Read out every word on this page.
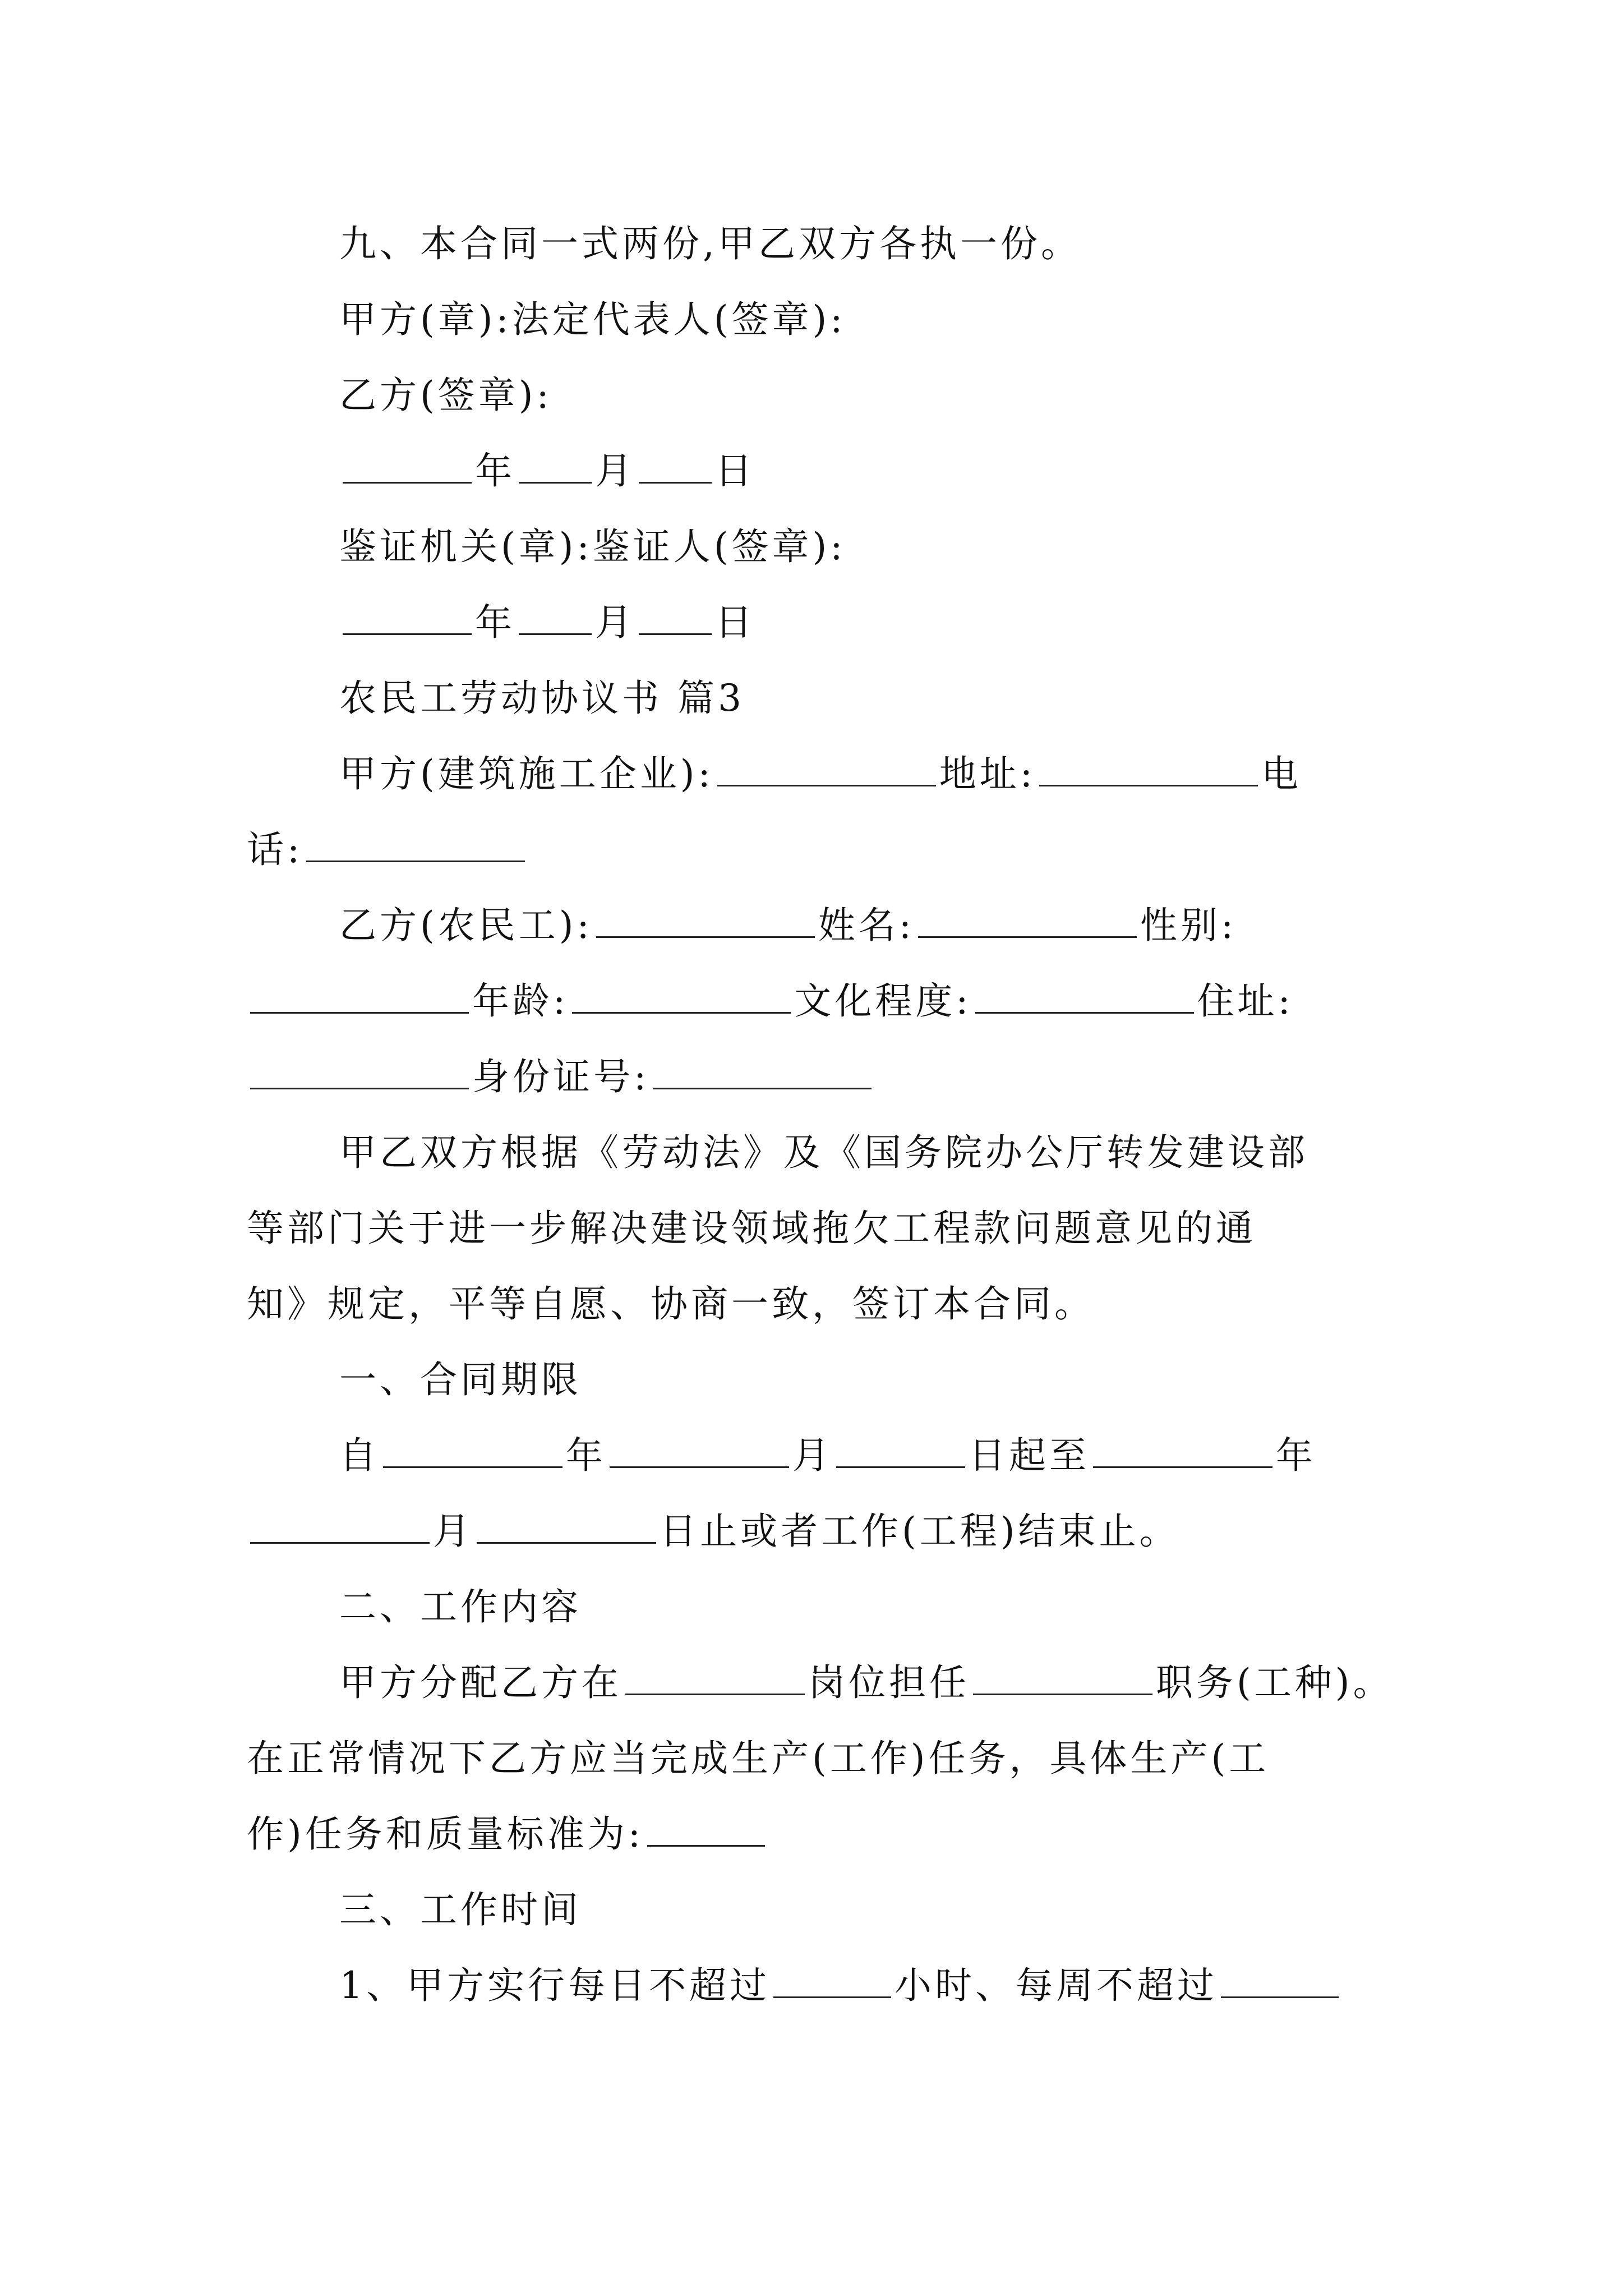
九、本合同一式两份,甲乙双方各执一份。
甲方(章):法定代表人(签章):
乙方(签章):
年 月 日
鉴证机关(章):鉴证人(签章):
年 月 日
农民工劳动协议书 篇3
甲方(建筑施工企业):	地址:	电
话:
乙方(农民工):	姓名:	性别:
年龄:	文化程度:	住址:
身份证号:
甲乙双方根据《劳动法》及《国务院办公厅转发建设部
等部门关于进一步解决建设领域拖欠工程款问题意见的通
知》规定，平等自愿、协商一致，签订本合同。
一、合同期限
自	年	月	日起至	年
月	日止或者工作(工程)结束止。
二、工作内容
甲方分配乙方在	岗位担任	职务(工种)。
在正常情况下乙方应当完成生产(工作)任务，具体生产(工
作)任务和质量标准为:
三、工作时间
1、甲方实行每日不超过	小时、每周不超过
